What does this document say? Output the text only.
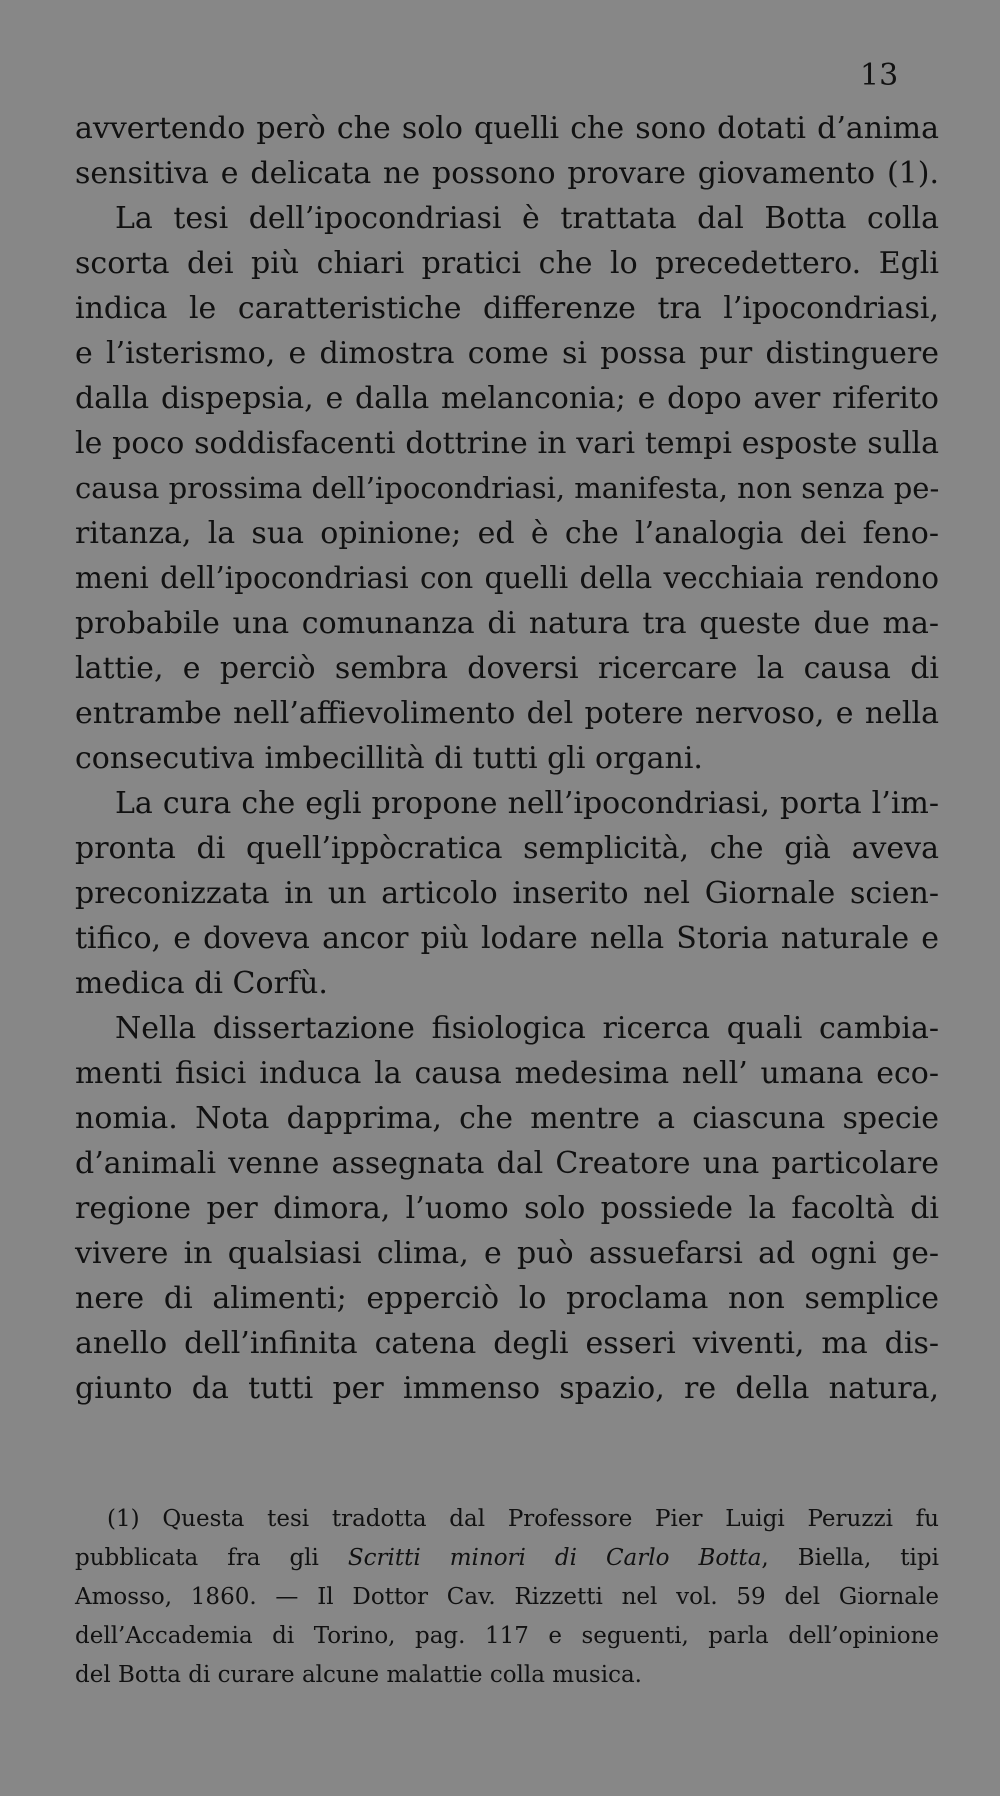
13
avvertendo però che solo quelli che sono dotati d’anima
sensitiva e delicata ne possono provare giovamento (1).
La tesi dell’ipocondriasi è trattata dal Botta colla
scorta dei più chiari pratici che lo precedettero. Egli
indica le caratteristiche differenze tra l’ipocondriasi,
e l’isterismo, e dimostra come si possa pur distinguere
dalla dispepsia, e dalla melanconia; e dopo aver riferito
le poco soddisfacenti dottrine in vari tempi esposte sulla
causa prossima dell’ipocondriasi, manifesta, non senza pe-
ritanza, la sua opinione; ed è che l’analogia dei feno-
meni dell’ipocondriasi con quelli della vecchiaia rendono
probabile una comunanza di natura tra queste due ma-
lattie, e perciò sembra doversi ricercare la causa di
entrambe nell’affievolimento del potere nervoso, e nella
consecutiva imbecillità di tutti gli organi.
La cura che egli propone nell’ipocondriasi, porta l’im-
pronta di quell’ippòcratica semplicità, che già aveva
preconizzata in un articolo inserito nel Giornale scien-
tifico, e doveva ancor più lodare nella Storia naturale e
medica di Corfù.
Nella dissertazione fisiologica ricerca quali cambia-
menti fisici induca la causa medesima nell’ umana eco-
nomia. Nota dapprima, che mentre a ciascuna specie
d’animali venne assegnata dal Creatore una particolare
regione per dimora, l’uomo solo possiede la facoltà di
vivere in qualsiasi clima, e può assuefarsi ad ogni ge-
nere di alimenti; epperciò lo proclama non semplice
anello dell’infinita catena degli esseri viventi, ma dis-
giunto da tutti per immenso spazio, re della natura,
(1) Questa tesi tradotta dal Professore Pier Luigi Peruzzi fu
pubblicata fra gli Scritti minori di Carlo Botta, Biella, tipi
Amosso, 1860. — Il Dottor Cav. Rizzetti nel vol. 59 del Giornale
dell’Accademia di Torino, pag. 117 e seguenti, parla dell’opinione
del Botta di curare alcune malattie colla musica.
